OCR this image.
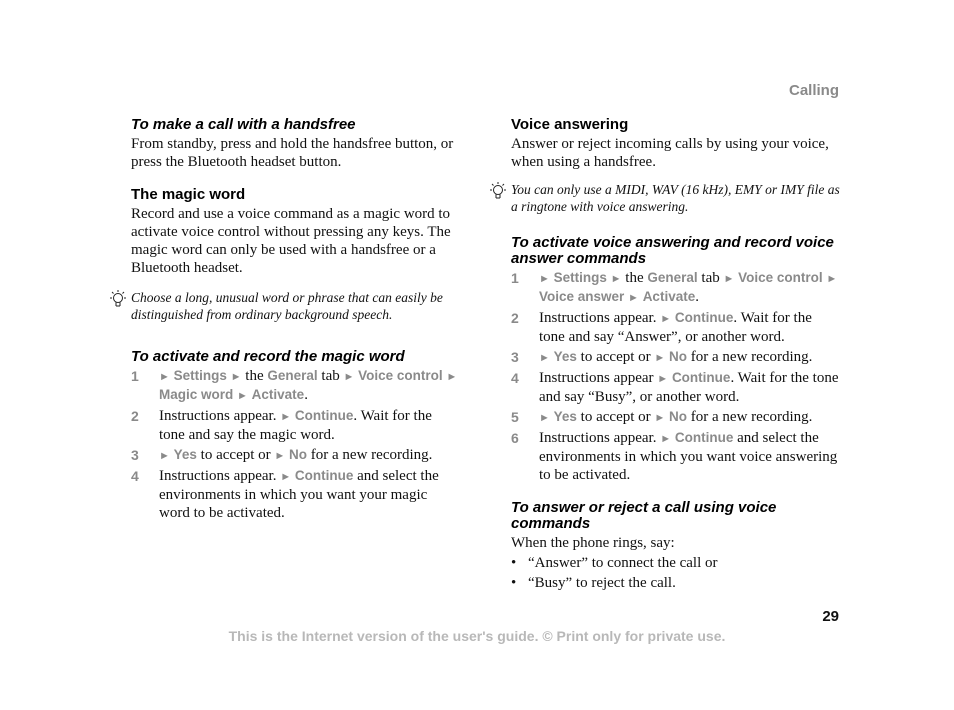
Calling
To make a call with a handsfree

From standby, press and hold the handsfree button, or press the Bluetooth headset button.

The magic word

Record and use a voice command as a magic word to activate voice control without pressing any keys. The magic word can only be used with a handsfree or a Bluetooth headset.

Choose a long, unusual word or phrase that can easily be distinguished from ordinary background speech.
To activate and record the magic word
1 ► Settings ► the General tab ► Voice control ► Magic word ► Activate.
2 Instructions appear. ► Continue. Wait for the tone and say the magic word.
3 ► Yes to accept or ► No for a new recording.
4 Instructions appear. ► Continue and select the environments in which you want your magic word to be activated.
Voice answering

Answer or reject incoming calls by using your voice, when using a handsfree.

You can only use a MIDI, WAV (16 kHz), EMY or IMY file as a ringtone with voice answering.
To activate voice answering and record voice answer commands
1 ► Settings ► the General tab ► Voice control ► Voice answer ► Activate.
2 Instructions appear. ► Continue. Wait for the tone and say “Answer”, or another word.
3 ► Yes to accept or ► No for a new recording.
4 Instructions appear ► Continue. Wait for the tone and say “Busy”, or another word.
5 ► Yes to accept or ► No for a new recording.
6 Instructions appear. ► Continue and select the environments in which you want voice answering to be activated.
To answer or reject a call using voice commands

When the phone rings, say:

• “Answer” to connect the call or
• “Busy” to reject the call.
29
This is the Internet version of the user's guide. © Print only for private use.
